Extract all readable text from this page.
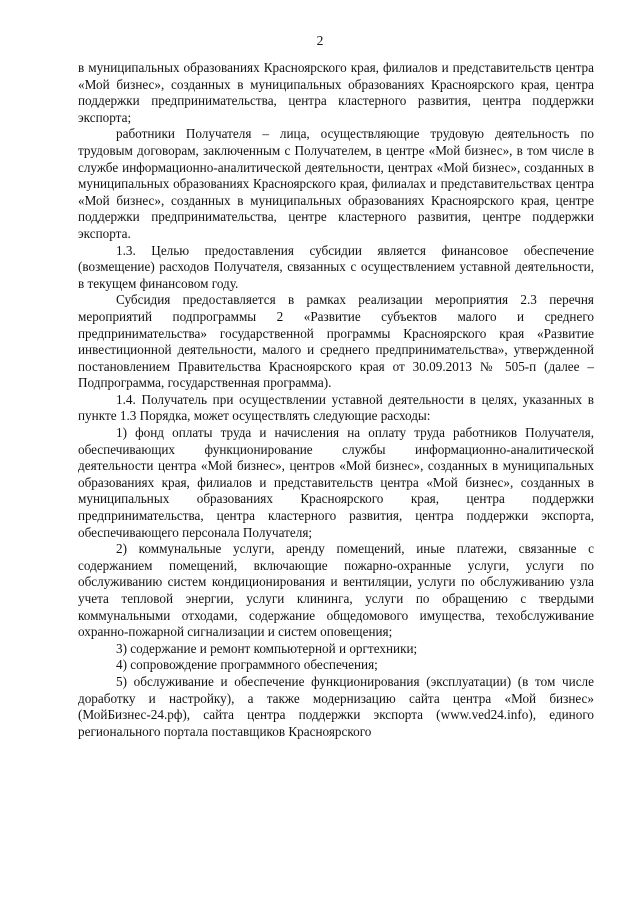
2

в муниципальных образованиях Красноярского края, филиалов и представительств центра «Мой бизнес», созданных в муниципальных образованиях Красноярского края, центра поддержки предпринимательства, центра кластерного развития, центра поддержки экспорта;

работники Получателя – лица, осуществляющие трудовую деятельность по трудовым договорам, заключенным с Получателем, в центре «Мой бизнес», в том числе в службе информационно-аналитической деятельности, центрах «Мой бизнес», созданных в муниципальных образованиях Красноярского края, филиалах и представительствах центра «Мой бизнес», созданных в муниципальных образованиях Красноярского края, центре поддержки предпринимательства, центре кластерного развития, центре поддержки экспорта.

1.3. Целью предоставления субсидии является финансовое обеспечение (возмещение) расходов Получателя, связанных с осуществлением уставной деятельности, в текущем финансовом году.

Субсидия предоставляется в рамках реализации мероприятия 2.3 перечня мероприятий подпрограммы 2 «Развитие субъектов малого и среднего предпринимательства» государственной программы Красноярского края «Развитие инвестиционной деятельности, малого и среднего предпринимательства», утвержденной постановлением Правительства Красноярского края от 30.09.2013 № 505-п (далее – Подпрограмма, государственная программа).

1.4. Получатель при осуществлении уставной деятельности в целях, указанных в пункте 1.3 Порядка, может осуществлять следующие расходы:

1) фонд оплаты труда и начисления на оплату труда работников Получателя, обеспечивающих функционирование службы информационно-аналитической деятельности центра «Мой бизнес», центров «Мой бизнес», созданных в муниципальных образованиях края, филиалов и представительств центра «Мой бизнес», созданных в муниципальных образованиях Красноярского края, центра поддержки предпринимательства, центра кластерного развития, центра поддержки экспорта, обеспечивающего персонала Получателя;

2) коммунальные услуги, аренду помещений, иные платежи, связанные с содержанием помещений, включающие пожарно-охранные услуги, услуги по обслуживанию систем кондиционирования и вентиляции, услуги по обслуживанию узла учета тепловой энергии, услуги клининга, услуги по обращению с твердыми коммунальными отходами, содержание общедомового имущества, техобслуживание охранно-пожарной сигнализации и систем оповещения;

3) содержание и ремонт компьютерной и оргтехники;

4) сопровождение программного обеспечения;

5) обслуживание и обеспечение функционирования (эксплуатации) (в том числе доработку и настройку), а также модернизацию сайта центра «Мой бизнес» (МойБизнес-24.рф), сайта центра поддержки экспорта (www.ved24.info), единого регионального портала поставщиков Красноярского
